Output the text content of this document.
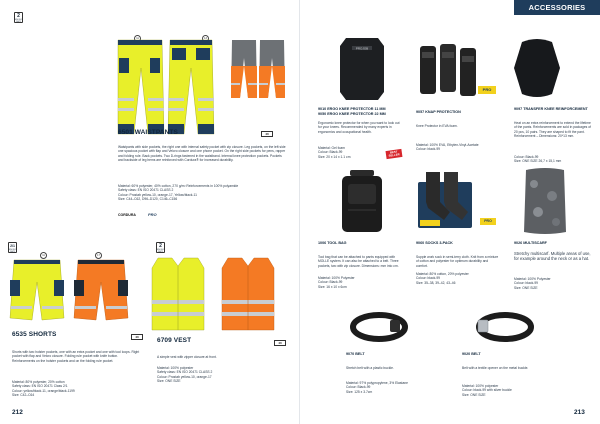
2
EN ISO 20471
11	13
6501 WAISTPANTS	40
Waistpants with side pockets, the right one with internal safety pocket with zip closure. Leg pockets, on the left side one spacious pocket with flap and Velcro closure and one phone pocket. On the right side pockets for pens, rapper and folding rule. Back pockets. Two D-rings fastened in the waistband. Internal knee protection pockets. Pockets and backside of leg hems are reinforced with Cordura® for increased durability.
Material: 60% polyester, 40% cotton, 270 g/m² Reinforcements in 100% polyamide
Safety class: EN ISO 20471 CLASS 2
Colour: Prostab yellow-10, orange-17, Yellow/black-11
Size: C44–C62, D96–D120, C146–C156
CORDURA	PRO
2/1
EN ISO 20471
11	17
6535 SHORTS	40
Shorts with two holster pockets, one with an extra pocket and one with tool loops. Right pocket with flap and Velcro closure. Folding rule pocket with knife button. Reinforcements on the holster pockets and on the folding rule pocket.
Material: 80% polyester, 20% cotton
Safety class: EN ISO 20471 Class 2/1
Colour: yellow/black-11, orange/black-1199
Size: C42–C64
2
EN ISO 20471
6709 VEST	40
A simple vest with zipper closure at front.
Material: 100% polyester
Safety class: EN ISO 20471 CLASS 2
Colour: Prostab yellow-10, orange-17
Size: ONE SIZE
212
ACCESSORIES
PROJOB
PRO
9010 ERGO KNEE PROTECTOR 11 MM
9050 ERGO KNEE PROTECTOR 22 MM
Ergonomic knee protector for when you want to look out for your knees. Recommended by many experts in ergonomics and occupational health.
Material: Gel foam
Colour: Black-99
Size: 20 x 14 x 1.1 cm
BEST SELLER
9057 KNAP PROTECTION
Knee Protector in EVA foam.
Material: 100% EVA, Ethylen-Vinyl-Acetate
Colour: black-99
9097 TRANSFER KNEE REINFORCEMENT
Heat on an extra reinforcement to extend the lifetime of the pants. Reinforcements are sold in packages of 20 pcs, 10 pairs. They are shaped to fit the pant. Reinforcement – Dimensions: 20*13 mm.
Colour: Black-99
Size: ONE SIZE 26,7 x 15,1 mm
PRO
1006 TOOL BAG
Tool bag that can be attached to pants equipped with MOLLE system. It can also be attached to a belt. Three pockets, two with zip closure. Dimensions: mm into cm.
Material: 100% Polyester
Colour: Black-99
Size: 16 x 10 x 6cm
9060 SOCKS 3-PACK
Supple work sock in semi-terry cloth. Knit from a mixture of cotton and polyester for optimum durability and comfort.
Material: 80% cotton, 20% polyester
Colour: black-99
Size: 35–38, 39–42, 43–46
9026 MULTISCARF
Stretchy multiscarf. Multiple areas of use, for example around the neck or as a hat.
Material: 100% Polyester
Colour: black-99
Size: ONE SIZE
9070 BELT
Stretch belt with a plastic buckle.
Material: 97% polypropylene, 3% Elastane
Colour: Black-99
Size: 125 x 3.7cm
9020 BELT
Belt with a textile opener on the metal buckle.
Material: 100% polyester
Colour: black-99 with silver buckle
Size: ONE SIZE
213
